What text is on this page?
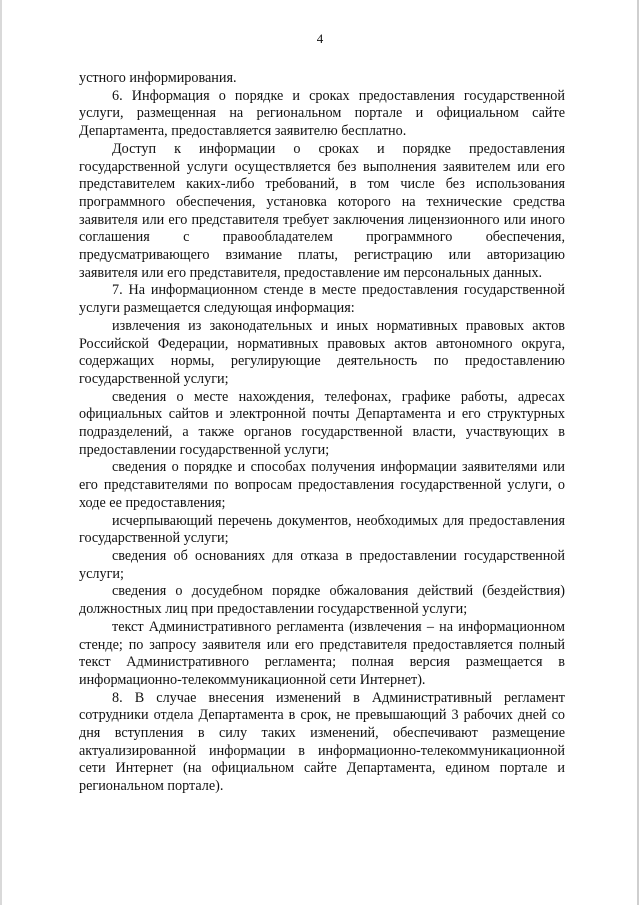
4

устного информирования.

6. Информация о порядке и сроках предоставления государственной услуги, размещенная на региональном портале и официальном сайте Департамента, предоставляется заявителю бесплатно.

Доступ к информации о сроках и порядке предоставления государственной услуги осуществляется без выполнения заявителем или его представителем каких-либо требований, в том числе без использования программного обеспечения, установка которого на технические средства заявителя или его представителя требует заключения лицензионного или иного соглашения с правообладателем программного обеспечения, предусматривающего взимание платы, регистрацию или авторизацию заявителя или его представителя, предоставление им персональных данных.

7. На информационном стенде в месте предоставления государственной услуги размещается следующая информация:

извлечения из законодательных и иных нормативных правовых актов Российской Федерации, нормативных правовых актов автономного округа, содержащих нормы, регулирующие деятельность по предоставлению государственной услуги;

сведения о месте нахождения, телефонах, графике работы, адресах официальных сайтов и электронной почты Департамента и его структурных подразделений, а также органов государственной власти, участвующих в предоставлении государственной услуги;

сведения о порядке и способах получения информации заявителями или его представителями по вопросам предоставления государственной услуги, о ходе ее предоставления;

исчерпывающий перечень документов, необходимых для предоставления государственной услуги;

сведения об основаниях для отказа в предоставлении государственной услуги;

сведения о досудебном порядке обжалования действий (бездействия) должностных лиц при предоставлении государственной услуги;

текст Административного регламента (извлечения – на информационном стенде; по запросу заявителя или его представителя предоставляется полный текст Административного регламента; полная версия размещается в информационно-телекоммуникационной сети Интернет).

8. В случае внесения изменений в Административный регламент сотрудники отдела Департамента в срок, не превышающий 3 рабочих дней со дня вступления в силу таких изменений, обеспечивают размещение актуализированной информации в информационно-телекоммуникационной сети Интернет (на официальном сайте Департамента, едином портале и региональном портале).
